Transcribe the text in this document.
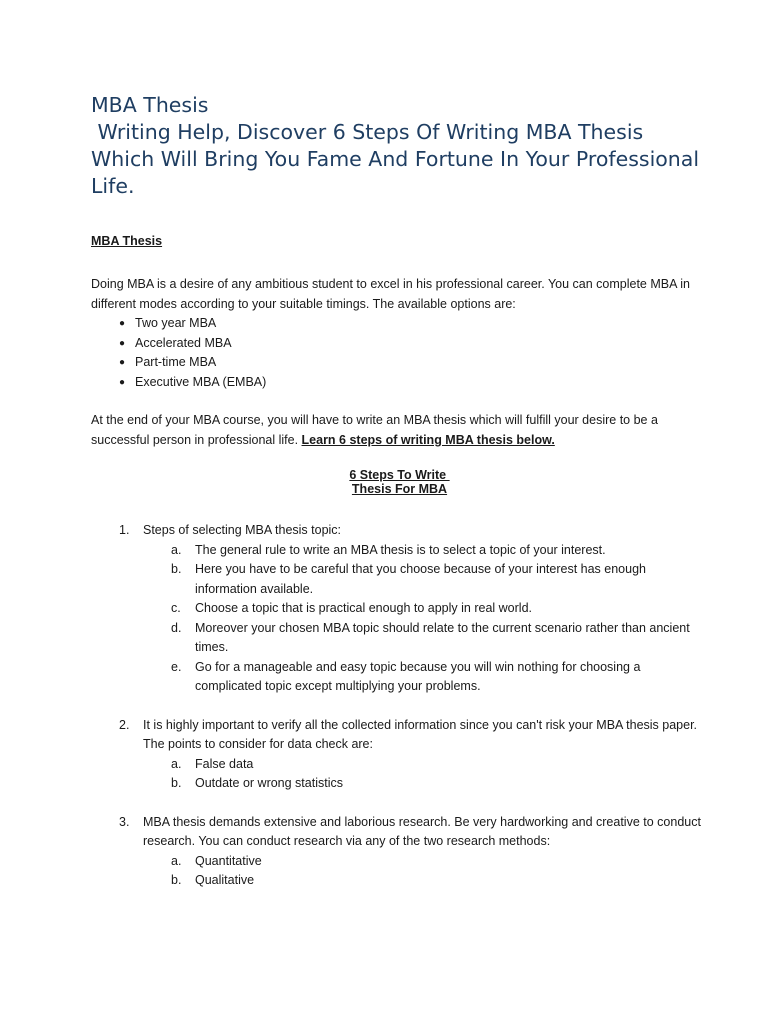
MBA Thesis
Writing Help, Discover 6 Steps Of Writing MBA Thesis Which Will Bring You Fame And Fortune In Your Professional Life.
MBA Thesis

Doing MBA is a desire of any ambitious student to excel in his professional career. You can complete MBA in different modes according to your suitable timings. The available options are:

● Two year MBA
● Accelerated MBA
● Part-time MBA
● Executive MBA (EMBA)

At the end of your MBA course, you will have to write an MBA thesis which will fulfill your desire to be a successful person in professional life. Learn 6 steps of writing MBA thesis below.

6 Steps To Write
Thesis For MBA

1. Steps of selecting MBA thesis topic:

a. The general rule to write an MBA thesis is to select a topic of your interest.
b. Here you have to be careful that you choose because of your interest has enough information available.
c. Choose a topic that is practical enough to apply in real world.
d. Moreover your chosen MBA topic should relate to the current scenario rather than ancient times.
e. Go for a manageable and easy topic because you will win nothing for choosing a complicated topic except multiplying your problems.

2. It is highly important to verify all the collected information since you can't risk your MBA thesis paper. The points to consider for data check are:

a. False data
b. Outdate or wrong statistics

3. MBA thesis demands extensive and laborious research. Be very hardworking and creative to conduct research. You can conduct research via any of the two research methods:

a. Quantitative
b. Qualitative
